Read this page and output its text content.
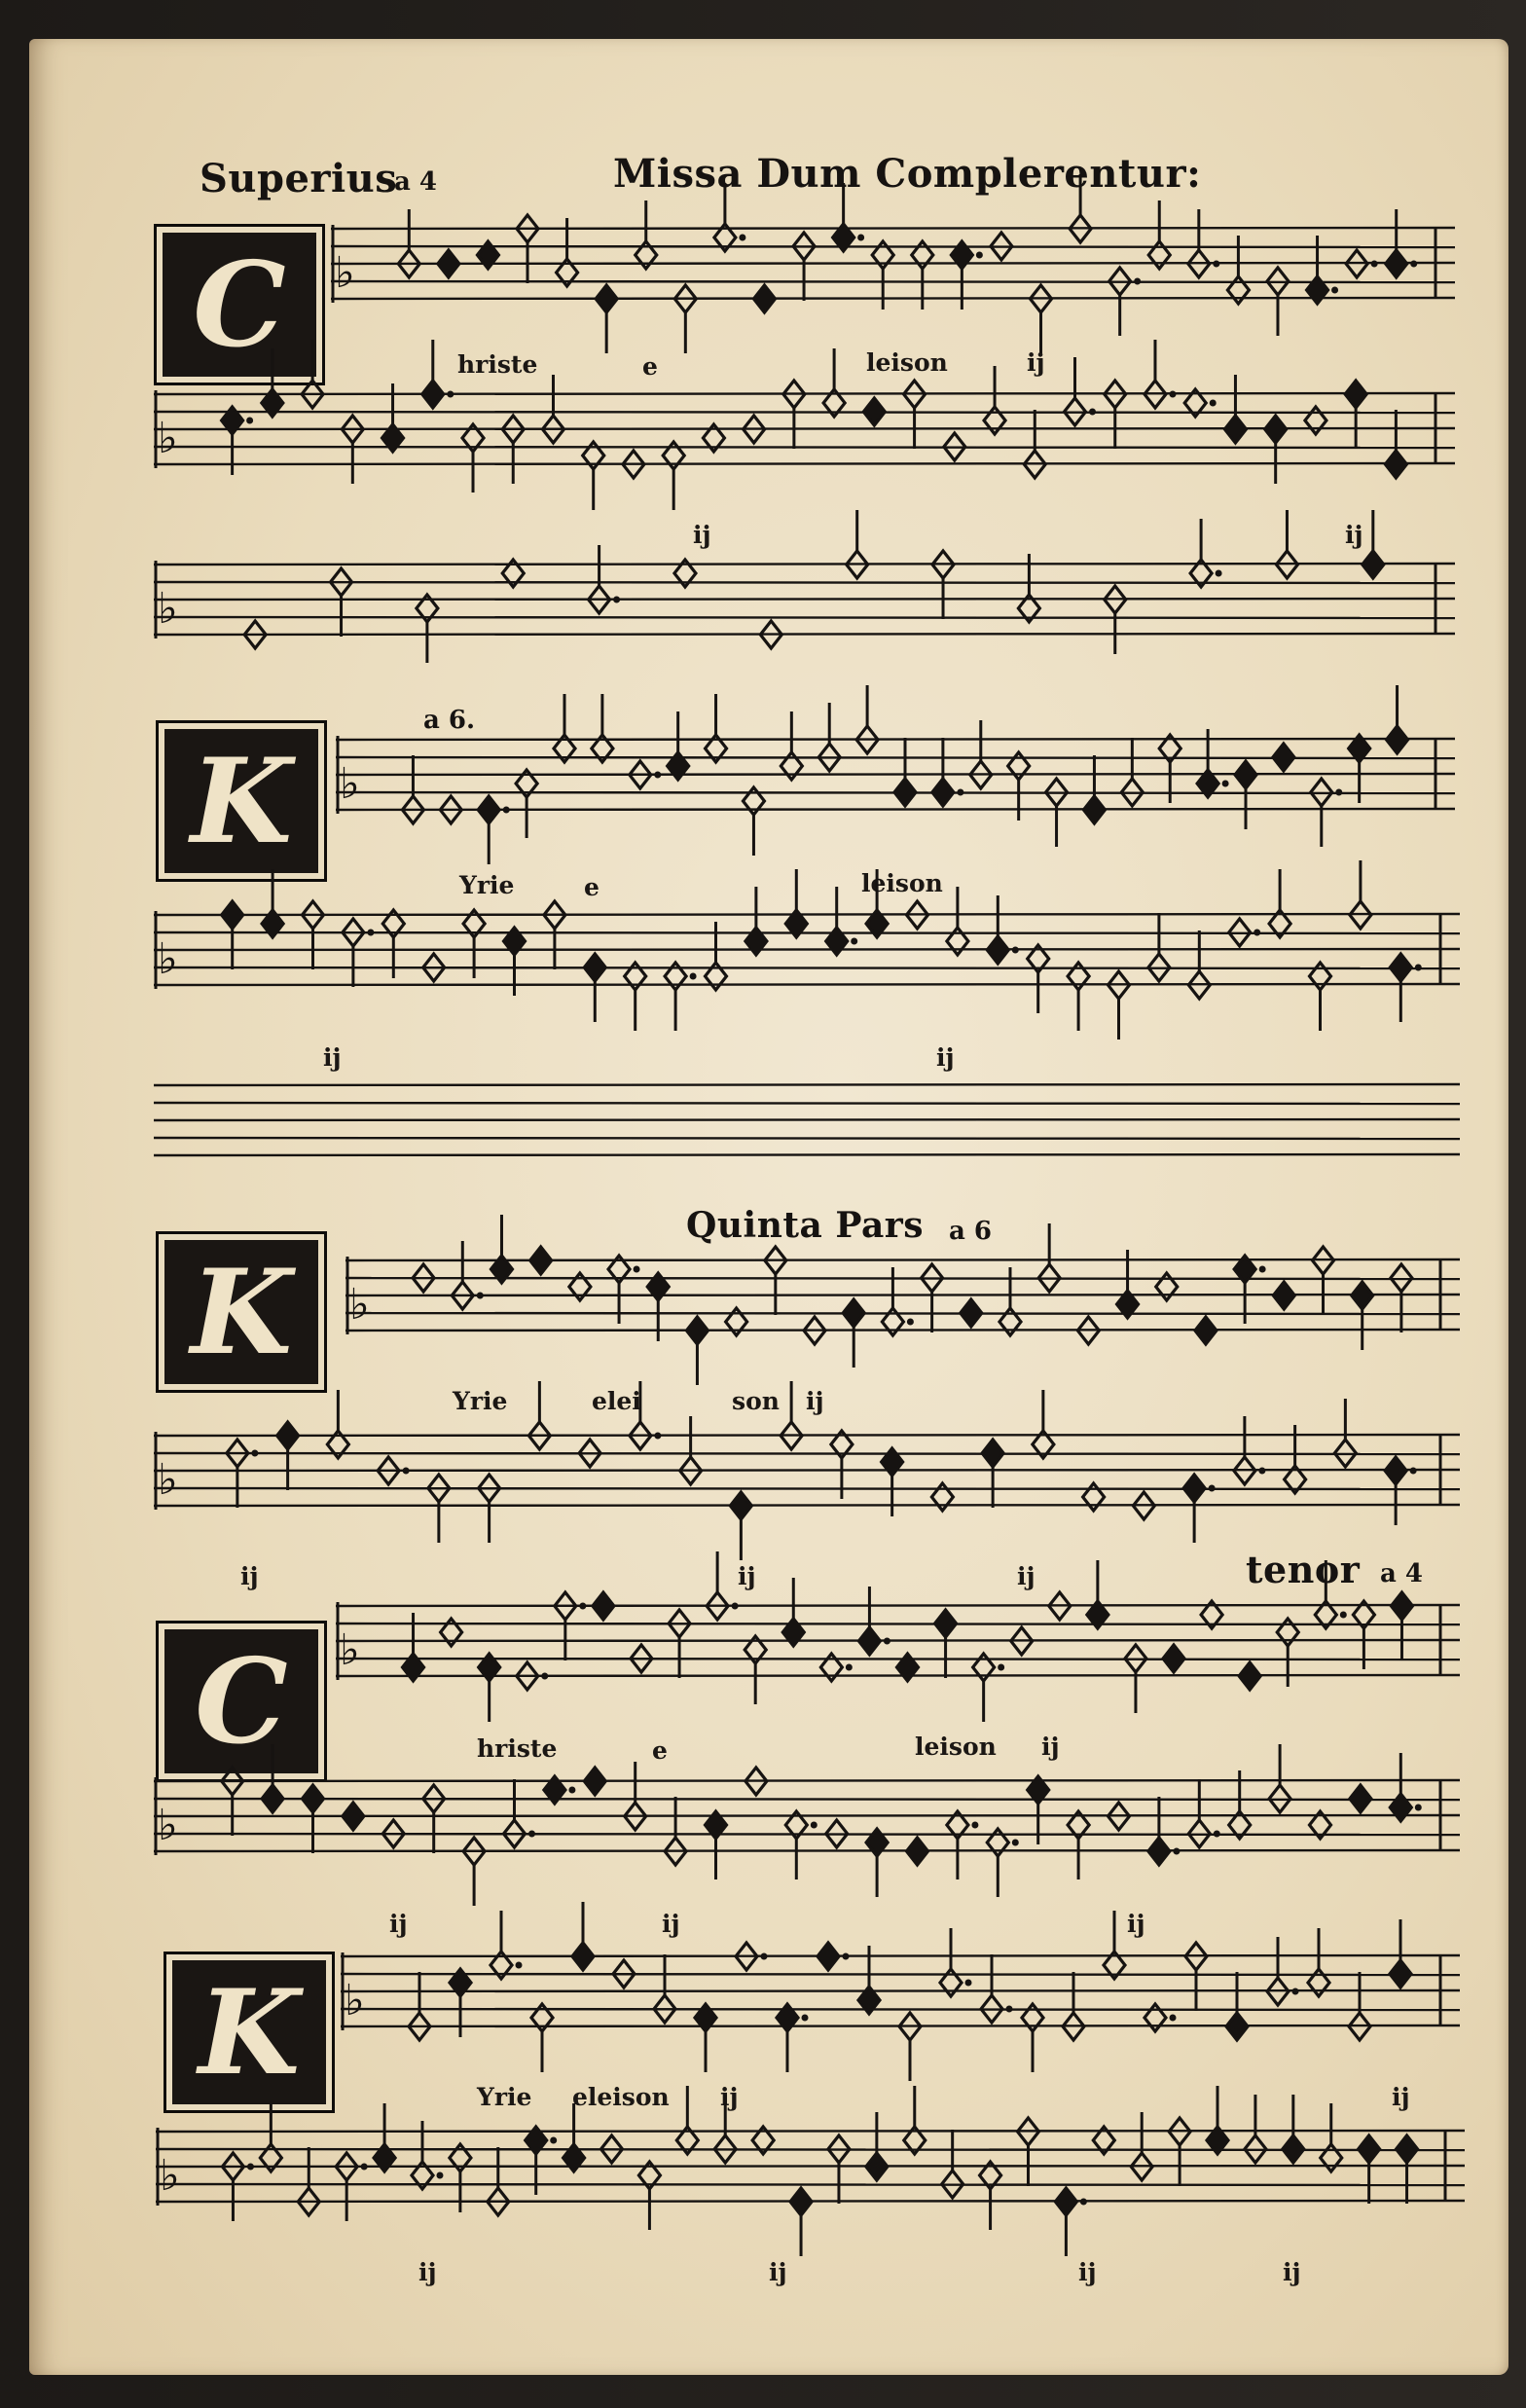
Superius
a 4	Missa Dum Complerentur:
C
K
K
C
K
a 6.
Quinta Pars a 6
tenor a 4
hriste	e	leison	ij
ij	ij
Yrie	e	leison
ij	ij
Yrie	elei	son ij
ij	ij	ij
hriste	e	leison ij
ij	ij	ij
Yrie eleison ij	ij
ij	ij	ij	ij
♭
♭
♭
♭
♭
♭
♭
♭
♭
♭
♭
